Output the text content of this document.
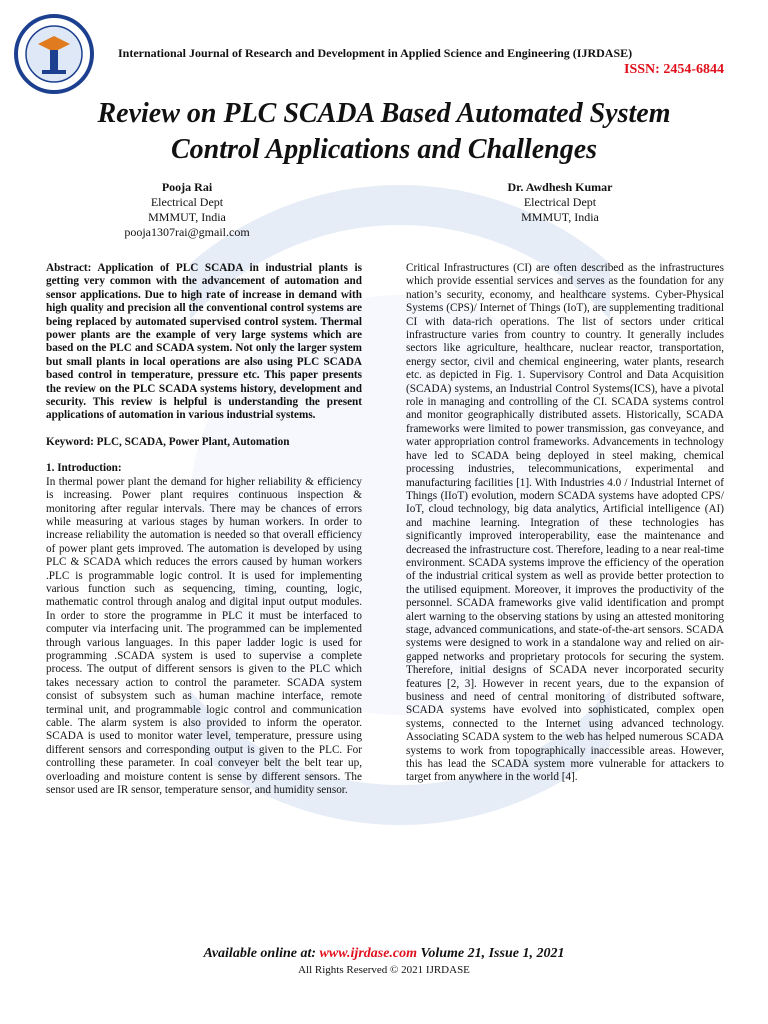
International Journal of Research and Development in Applied Science and Engineering (IJRDASE)
ISSN: 2454-6844
Review on PLC SCADA Based Automated System
Control Applications and Challenges
Pooja Rai
Electrical Dept
MMMUT, India
pooja1307rai@gmail.com
Dr. Awdhesh Kumar
Electrical Dept
MMMUT, India

Abstract: Application of PLC SCADA in industrial plants is getting very common with the advancement of automation and sensor applications. Due to high rate of increase in demand with high quality and precision all the conventional control systems are being replaced by automated supervised control system. Thermal power plants are the example of very large systems which are based on the PLC and SCADA system. Not only the larger system but small plants in local operations are also using PLC SCADA based control in temperature, pressure etc. This paper presents the review on the PLC SCADA systems history, development and security. This review is helpful is understanding the present applications of automation in various industrial systems.

Keyword: PLC, SCADA, Power Plant, Automation

1. Introduction:

In thermal power plant the demand for higher reliability & efficiency is increasing. Power plant requires continuous inspection & monitoring after regular intervals. There may be chances of errors while measuring at various stages by human workers. In order to increase reliability the automation is needed so that overall efficiency of power plant gets improved. The automation is developed by using PLC & SCADA which reduces the errors caused by human workers .PLC is programmable logic control. It is used for implementing various function such as sequencing, timing, counting, logic, mathematic control through analog and digital input output modules. In order to store the programme in PLC it must be interfaced to computer via interfacing unit. The programmed can be implemented through various languages. In this paper ladder logic is used for programming .SCADA system is used to supervise a complete process. The output of different sensors is given to the PLC which takes necessary action to control the parameter. SCADA system consist of subsystem such as human machine interface, remote terminal unit, and programmable logic control and communication cable. The alarm system is also provided to inform the operator. SCADA is used to monitor water level, temperature, pressure using different sensors and corresponding output is given to the PLC. For controlling these parameter. In coal conveyer belt the belt tear up, overloading and moisture content is sense by different sensors. The sensor used are IR sensor, temperature sensor, and humidity sensor.

Critical Infrastructures (CI) are often described as the infrastructures which provide essential services and serves as the foundation for any nation’s security, economy, and healthcare systems. Cyber-Physical Systems (CPS)/ Internet of Things (IoT), are supplementing traditional CI with data-rich operations. The list of sectors under critical infrastructure varies from country to country. It generally includes sectors like agriculture, healthcare, nuclear reactor, transportation, energy sector, civil and chemical engineering, water plants, research etc. as depicted in Fig. 1. Supervisory Control and Data Acquisition (SCADA) systems, an Industrial Control Systems(ICS), have a pivotal role in managing and controlling of the CI. SCADA systems control and monitor geographically distributed assets. Historically, SCADA frameworks were limited to power transmission, gas conveyance, and water appropriation control frameworks. Advancements in technology have led to SCADA being deployed in steel making, chemical processing industries, telecommunications, experimental and manufacturing facilities [1]. With Industries 4.0 / Industrial Internet of Things (IIoT) evolution, modern SCADA systems have adopted CPS/ IoT, cloud technology, big data analytics, Artificial intelligence (AI) and machine learning. Integration of these technologies has significantly improved interoperability, ease the maintenance and decreased the infrastructure cost. Therefore, leading to a near real-time environment. SCADA systems improve the efficiency of the operation of the industrial critical system as well as provide better protection to the utilised equipment. Moreover, it improves the productivity of the personnel. SCADA frameworks give valid identification and prompt alert warning to the observing stations by using an attested monitoring stage, advanced communications, and state-of-the-art sensors. SCADA systems were designed to work in a standalone way and relied on air-gapped networks and proprietary protocols for securing the system. Therefore, initial designs of SCADA never incorporated security features [2, 3]. However in recent years, due to the expansion of business and need of central monitoring of distributed software, SCADA systems have evolved into sophisticated, complex open systems, connected to the Internet using advanced technology. Associating SCADA system to the web has helped numerous SCADA systems to work from topographically inaccessible areas. However, this has lead the SCADA system more vulnerable for attackers to target from anywhere in the world [4].

Available online at: www.ijrdase.com Volume 21, Issue 1, 2021
All Rights Reserved © 2021 IJRDASE
